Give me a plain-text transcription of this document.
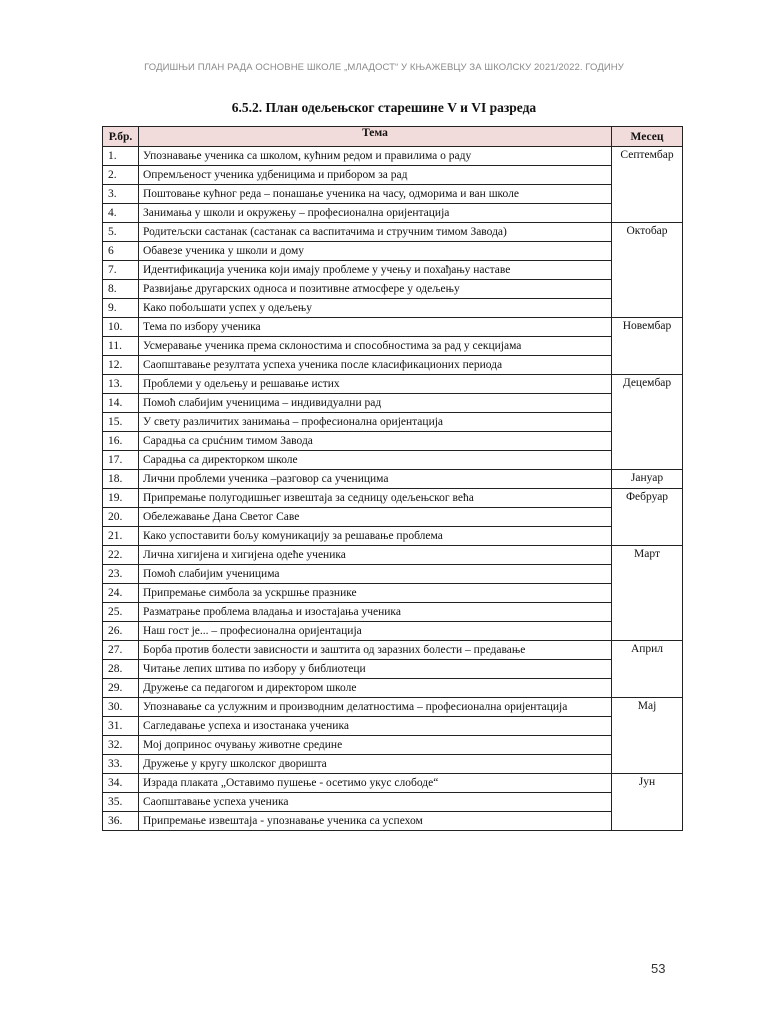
ГОДИШЊИ ПЛАН РАДА ОСНОВНЕ ШКОЛЕ „МЛАДОСТ“ У КЊАЖЕВЦУ ЗА ШКОЛСКУ 2021/2022. ГОДИНУ
6.5.2. План одељењског старешине V и VI разреда
Р.бр.	Тема	Месец
1.	Упознавање ученика са школом, кућним редом и правилима о раду	Септембар
2.	Опремљеност ученика удбеницима и прибором за рад	
3.	Поштовање кућног реда – понашање ученика на часу, одморима и ван школе	
4.	Занимања у школи и окружењу – професионална оријентација	
5.	Родитељски састанак (састанак са васпитачима и стручним тимом Завода)	Октобар
6	Обавезе ученика у школи и дому	
7.	Идентификација ученика који имају проблеме у учењу и похађању наставе	
8.	Развијање другарских односа и позитивне атмосфере у одељењу	
9.	Како побољшати успех у одељењу	
10.	Тема по избору ученика	Новембар
11.	Усмеравање ученика према склоностима и способностима за рад у секцијама	
12.	Саопштавање резултата успеха ученика после класификационих периода	
13.	Проблеми у одељењу и решавање истих	Децембар
14.	Помоћ слабијим ученицима – индивидуални рад	
15.	У свету различитих занимања – професионална оријентација	
16.	Сарадња са срućним тимом Завода	
17.	Сарадња са директорком школе	
18.	Лични проблеми ученика –разговор са ученицима	Јануар
19.	Припремање полугодишњег извештаја за седницу одељењског већа	Фебруар
20.	Обележавање Дана Светог Саве	
21.	Како успоставити бољу комуникацију за решавање проблема	
22.	Лична хигијена и хигијена одеће ученика	Март
23.	Помоћ слабијим ученицима	
24.	Припремање симбола за ускршње празнике	
25.	Разматрање проблема владања и изостајања ученика	
26.	Наш гост је... – професионална оријентација	
27.	Борба против болести зависности и заштита од заразних болести – предавање	Април
28.	Читање лепих штива по избору у библиотеци	
29.	Дружење са педагогом и директором школе	
30.	Упознавање са услужним и производним делатностима – професионална оријентација	Мај
31.	Сагледавање успеха и изостанака ученика	
32.	Мој допринос очувању животне средине	
33.	Дружење у кругу школског дворишта	
34.	Израда плаката „Оставимо пушење - осетимо укус слободе“	Јун
35.	Саопштавање успеха ученика	
36.	Припремање извештаја - упознавање ученика са успехом	
53
